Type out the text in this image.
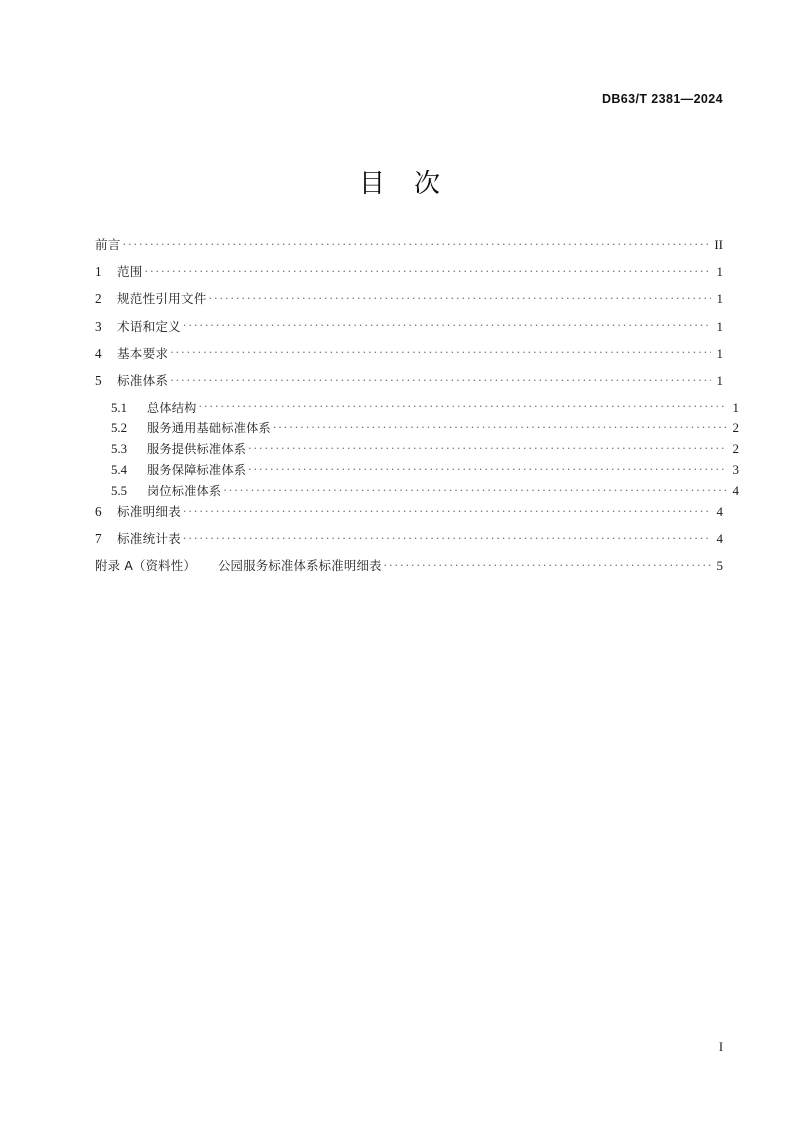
DB63/T 2381—2024
目 次
前言 . . .	II
1	范围 . . .	1
2	规范性引用文件 . . .	1
3	术语和定义 . . .	1
4	基本要求 . . .	1
5	标准体系 . . .	1
5.1	总体结构 . . .	1
5.2	服务通用基础标准体系 . . .	2
5.3	服务提供标准体系 . . .	2
5.4	服务保障标准体系 . . .	3
5.5	岗位标准体系 . . .	4
6	标准明细表 . . .	4
7	标准统计表 . . .	4
附录 A（资料性） 公园服务标准体系标准明细表 . . .	5
I
